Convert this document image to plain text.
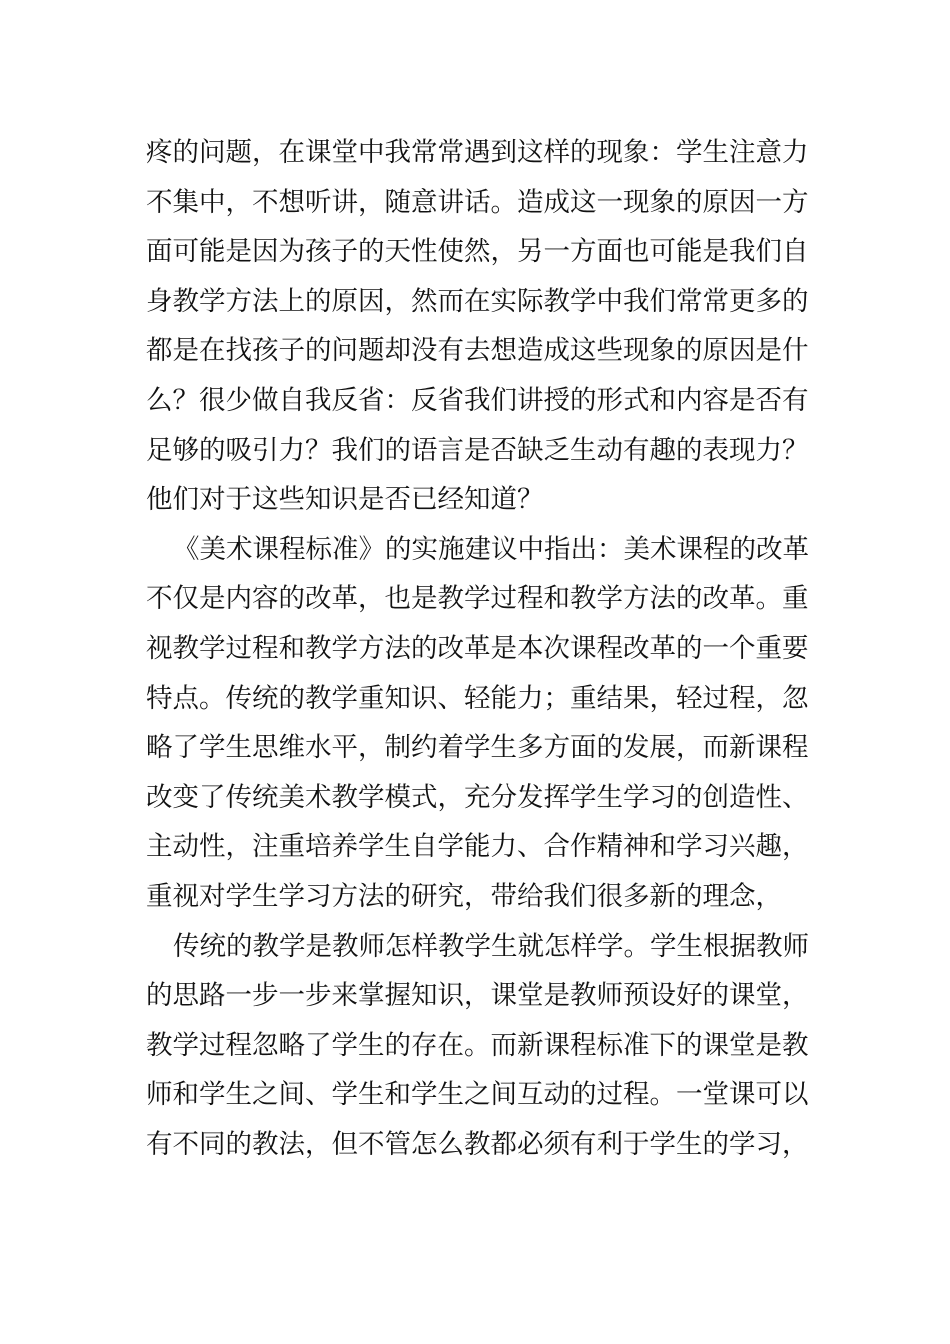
疼的问题，在课堂中我常常遇到这样的现象：学生注意力
不集中，不想听讲，随意讲话。造成这一现象的原因一方
面可能是因为孩子的天性使然，另一方面也可能是我们自
身教学方法上的原因，然而在实际教学中我们常常更多的
都是在找孩子的问题却没有去想造成这些现象的原因是什
么？很少做自我反省：反省我们讲授的形式和内容是否有
足够的吸引力？我们的语言是否缺乏生动有趣的表现力？
他们对于这些知识是否已经知道？
《美术课程标准》的实施建议中指出：美术课程的改革
不仅是内容的改革，也是教学过程和教学方法的改革。重
视教学过程和教学方法的改革是本次课程改革的一个重要
特点。传统的教学重知识、轻能力；重结果，轻过程，忽
略了学生思维水平，制约着学生多方面的发展，而新课程
改变了传统美术教学模式，充分发挥学生学习的创造性、
主动性，注重培养学生自学能力、合作精神和学习兴趣，
重视对学生学习方法的研究，带给我们很多新的理念，
传统的教学是教师怎样教学生就怎样学。学生根据教师
的思路一步一步来掌握知识，课堂是教师预设好的课堂，
教学过程忽略了学生的存在。而新课程标准下的课堂是教
师和学生之间、学生和学生之间互动的过程。一堂课可以
有不同的教法，但不管怎么教都必须有利于学生的学习，
